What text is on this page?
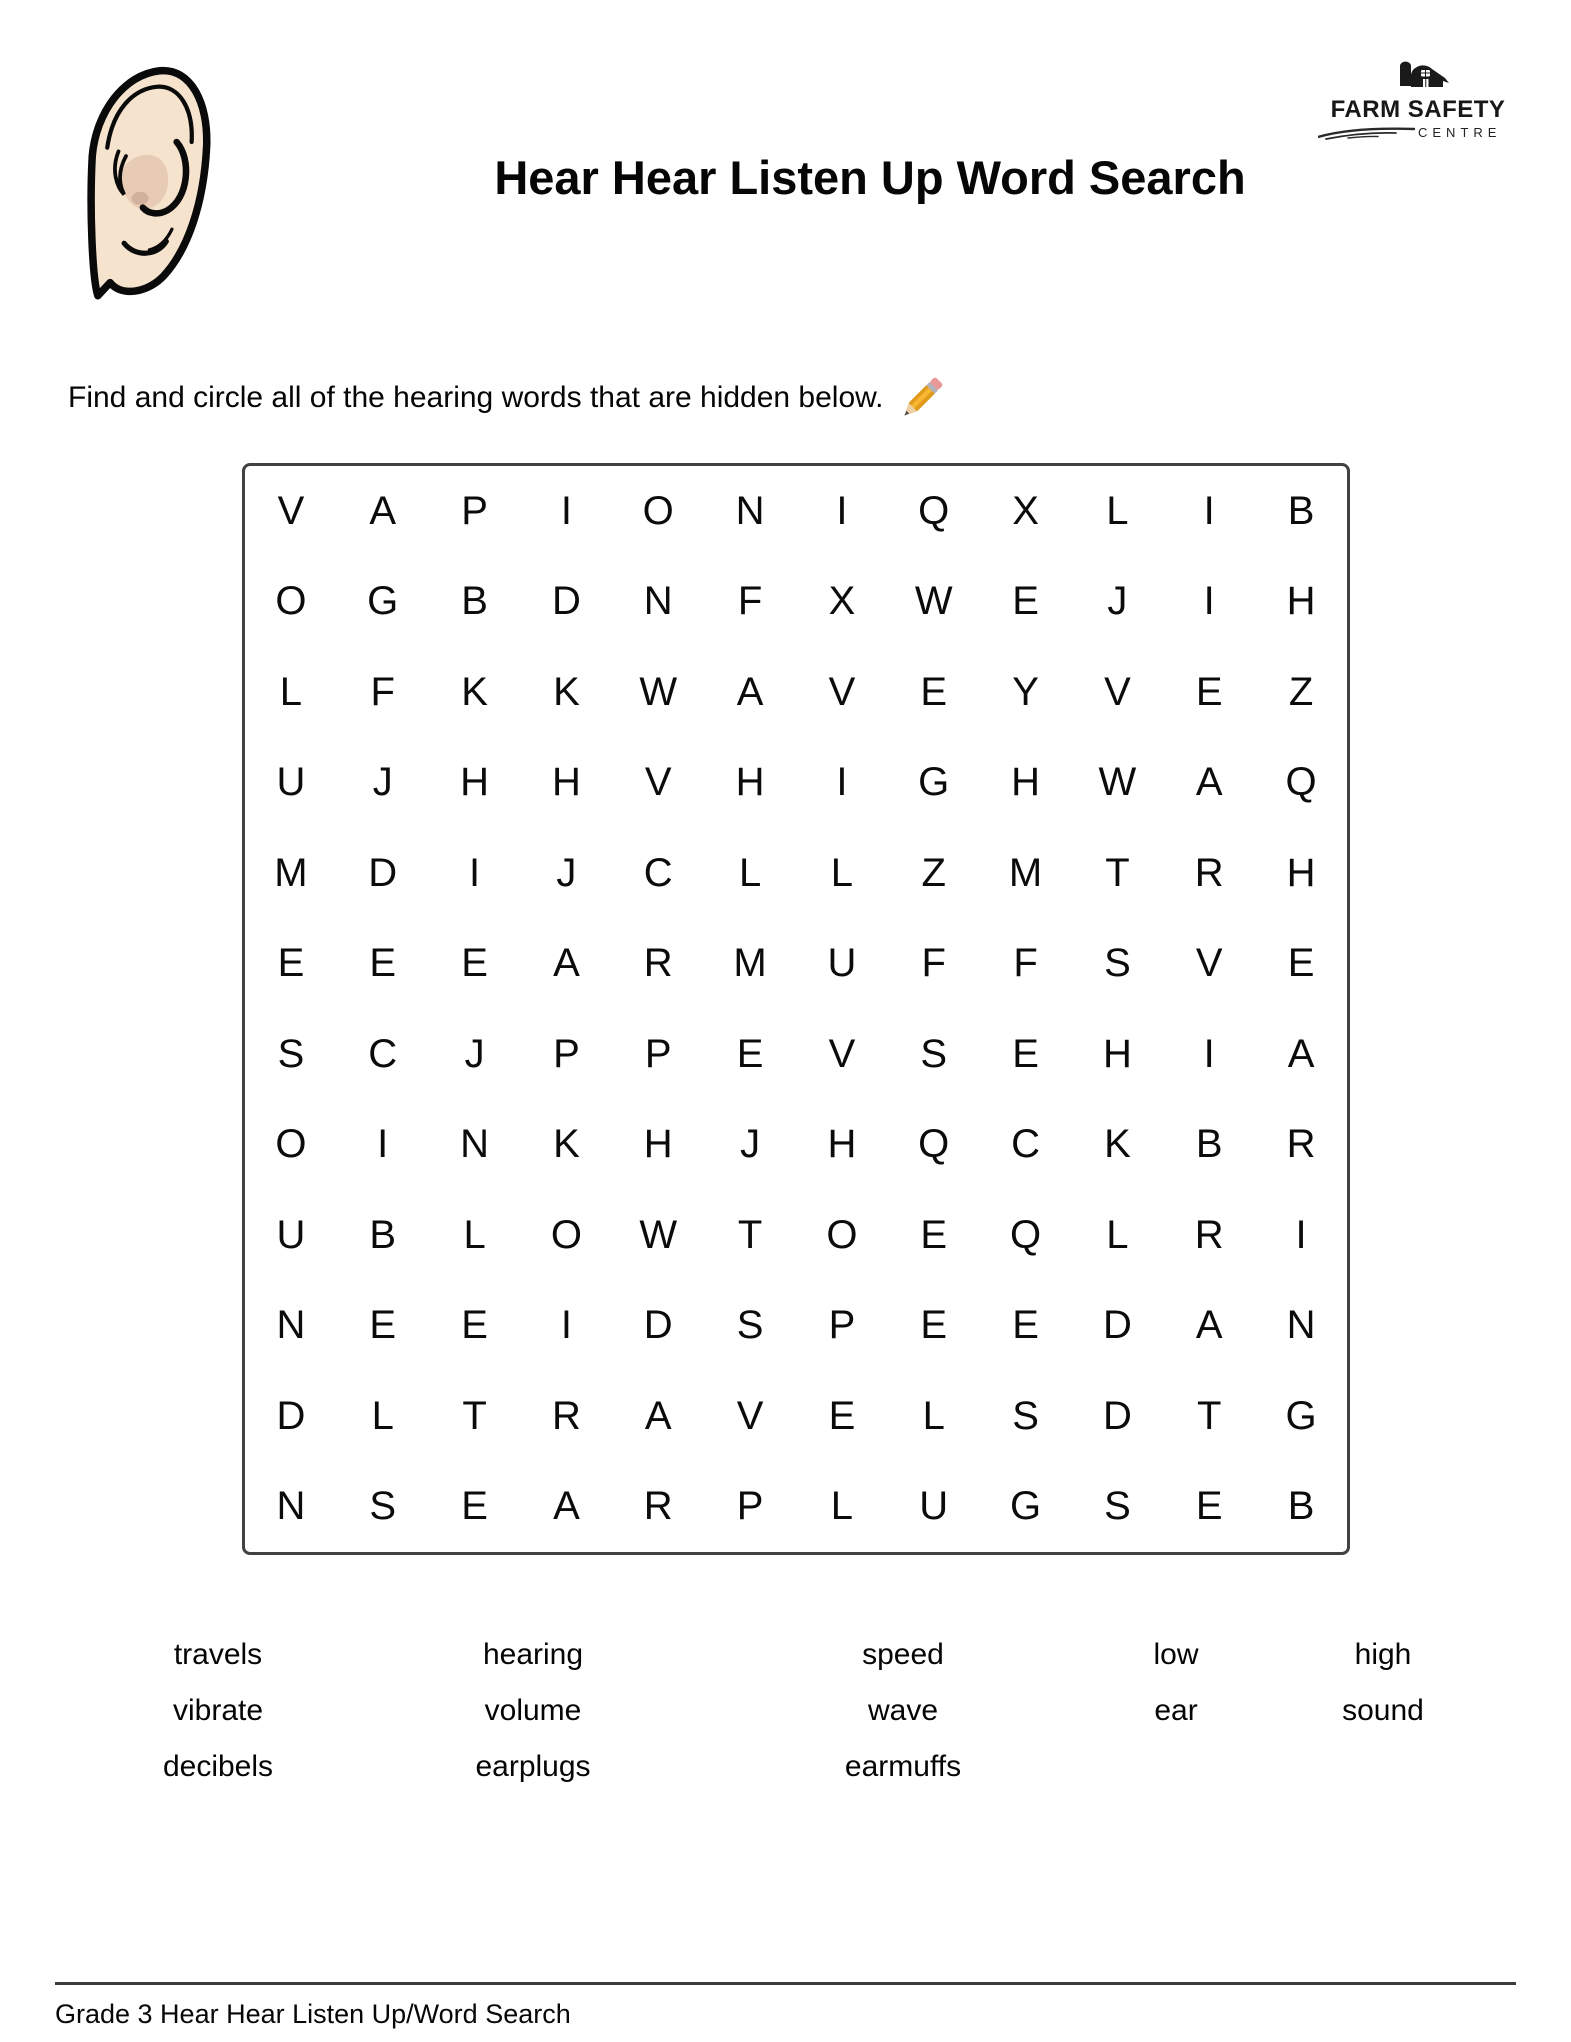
FARM SAFETY
CENTRE
Hear Hear Listen Up Word Search
Find and circle all of the hearing words that are hidden below.
V	A	P	I	O	N	I	Q	X	L	I	B
O	G	B	D	N	F	X	W	E	J	I	H
L	F	K	K	W	A	V	E	Y	V	E	Z
U	J	H	H	V	H	I	G	H	W	A	Q
M	D	I	J	C	L	L	Z	M	T	R	H
E	E	E	A	R	M	U	F	F	S	V	E
S	C	J	P	P	E	V	S	E	H	I	A
O	I	N	K	H	J	H	Q	C	K	B	R
U	B	L	O	W	T	O	E	Q	L	R	I
N	E	E	I	D	S	P	E	E	D	A	N
D	L	T	R	A	V	E	L	S	D	T	G
N	S	E	A	R	P	L	U	G	S	E	B
travels	hearing	speed	low	high
vibrate	volume	wave	ear	sound
decibels	earplugs	earmuffs
Grade 3 Hear Hear Listen Up/Word Search
